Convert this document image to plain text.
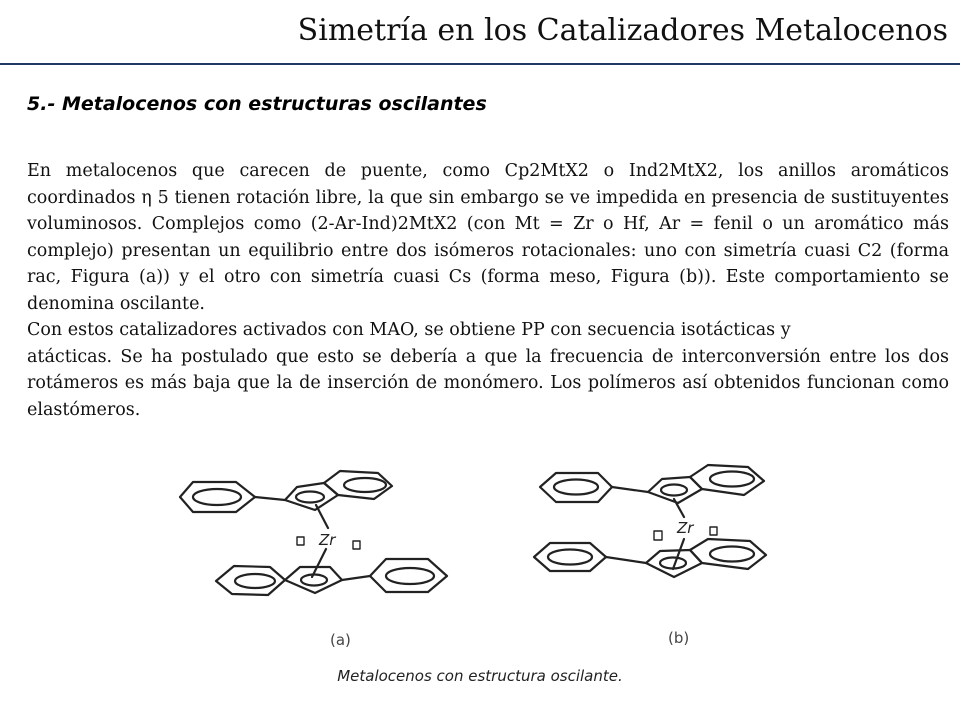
Simetría en los Catalizadores Metalocenos
5.- Metalocenos con estructuras oscilantes

En metalocenos que carecen de puente, como Cp2MtX2 o Ind2MtX2, los anillos aromáticos coordinados η 5 tienen rotación libre, la que sin embargo se ve impedida en presencia de sustituyentes voluminosos. Complejos como (2-Ar-Ind)2MtX2 (con Mt = Zr o Hf, Ar = fenil o un aromático más complejo) presentan un equilibrio entre dos isómeros rotacionales: uno con simetría cuasi C2 (forma rac, Figura (a)) y el otro con simetría cuasi Cs (forma meso, Figura (b)). Este comportamiento se denomina oscilante.

Con estos catalizadores activados con MAO, se obtiene PP con secuencia isotácticas y

atácticas. Se ha postulado que esto se debería a que la frecuencia de interconversión entre los dos rotámeros es más baja que la de inserción de monómero. Los polímeros así obtenidos funcionan como elastómeros.

Zr
(a)
Zr
(b)
Metalocenos con estructura oscilante.
